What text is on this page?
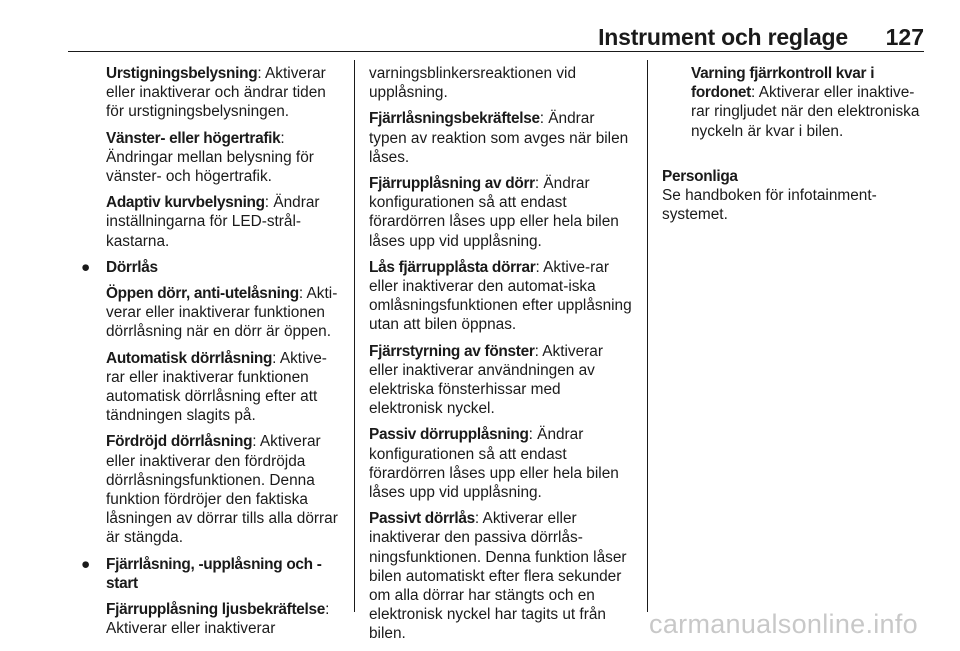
Instrument och reglage 127

Urstigningsbelysning: Aktiverar eller inaktiverar och ändrar tiden för urstigningsbelysningen.

Vänster- eller högertrafik: Ändringar mellan belysning för vänster- och högertrafik.

Adaptiv kurvbelysning: Ändrar inställningarna för LED-strål-kastarna.

● Dörrlås

Öppen dörr, anti-utelåsning: Akti-verar eller inaktiverar funktionen dörrlåsning när en dörr är öppen.

Automatisk dörrlåsning: Aktive-rar eller inaktiverar funktionen automatisk dörrlåsning efter att tändningen slagits på.

Fördröjd dörrlåsning: Aktiverar eller inaktiverar den fördröjda dörrlåsningsfunktionen. Denna funktion fördröjer den faktiska låsningen av dörrar tills alla dörrar är stängda.

● Fjärrlåsning, -upplåsning och -start

Fjärrupplåsning ljusbekräftelse: Aktiverar eller inaktiverar

varningsblinkersreaktionen vid upplåsning.

Fjärrlåsningsbekräftelse: Ändrar typen av reaktion som avges när bilen låses.

Fjärrupplåsning av dörr: Ändrar konfigurationen så att endast förardörren låses upp eller hela bilen låses upp vid upplåsning.

Lås fjärrupplåsta dörrar: Aktive-rar eller inaktiverar den automat-iska omlåsningsfunktionen efter upplåsning utan att bilen öppnas.

Fjärrstyrning av fönster: Aktiverar eller inaktiverar användningen av elektriska fönsterhissar med elektronisk nyckel.

Passiv dörrupplåsning: Ändrar konfigurationen så att endast förardörren låses upp eller hela bilen låses upp vid upplåsning.

Passivt dörrlås: Aktiverar eller inaktiverar den passiva dörrlås-ningsfunktionen. Denna funktion låser bilen automatiskt efter flera sekunder om alla dörrar har stängts och en elektronisk nyckel har tagits ut från bilen.

Varning fjärrkontroll kvar i fordonet: Aktiverar eller inaktive-rar ringljudet när den elektroniska nyckeln är kvar i bilen.

Personliga
Se handboken för infotainment-systemet.

carmanualsonline.info
